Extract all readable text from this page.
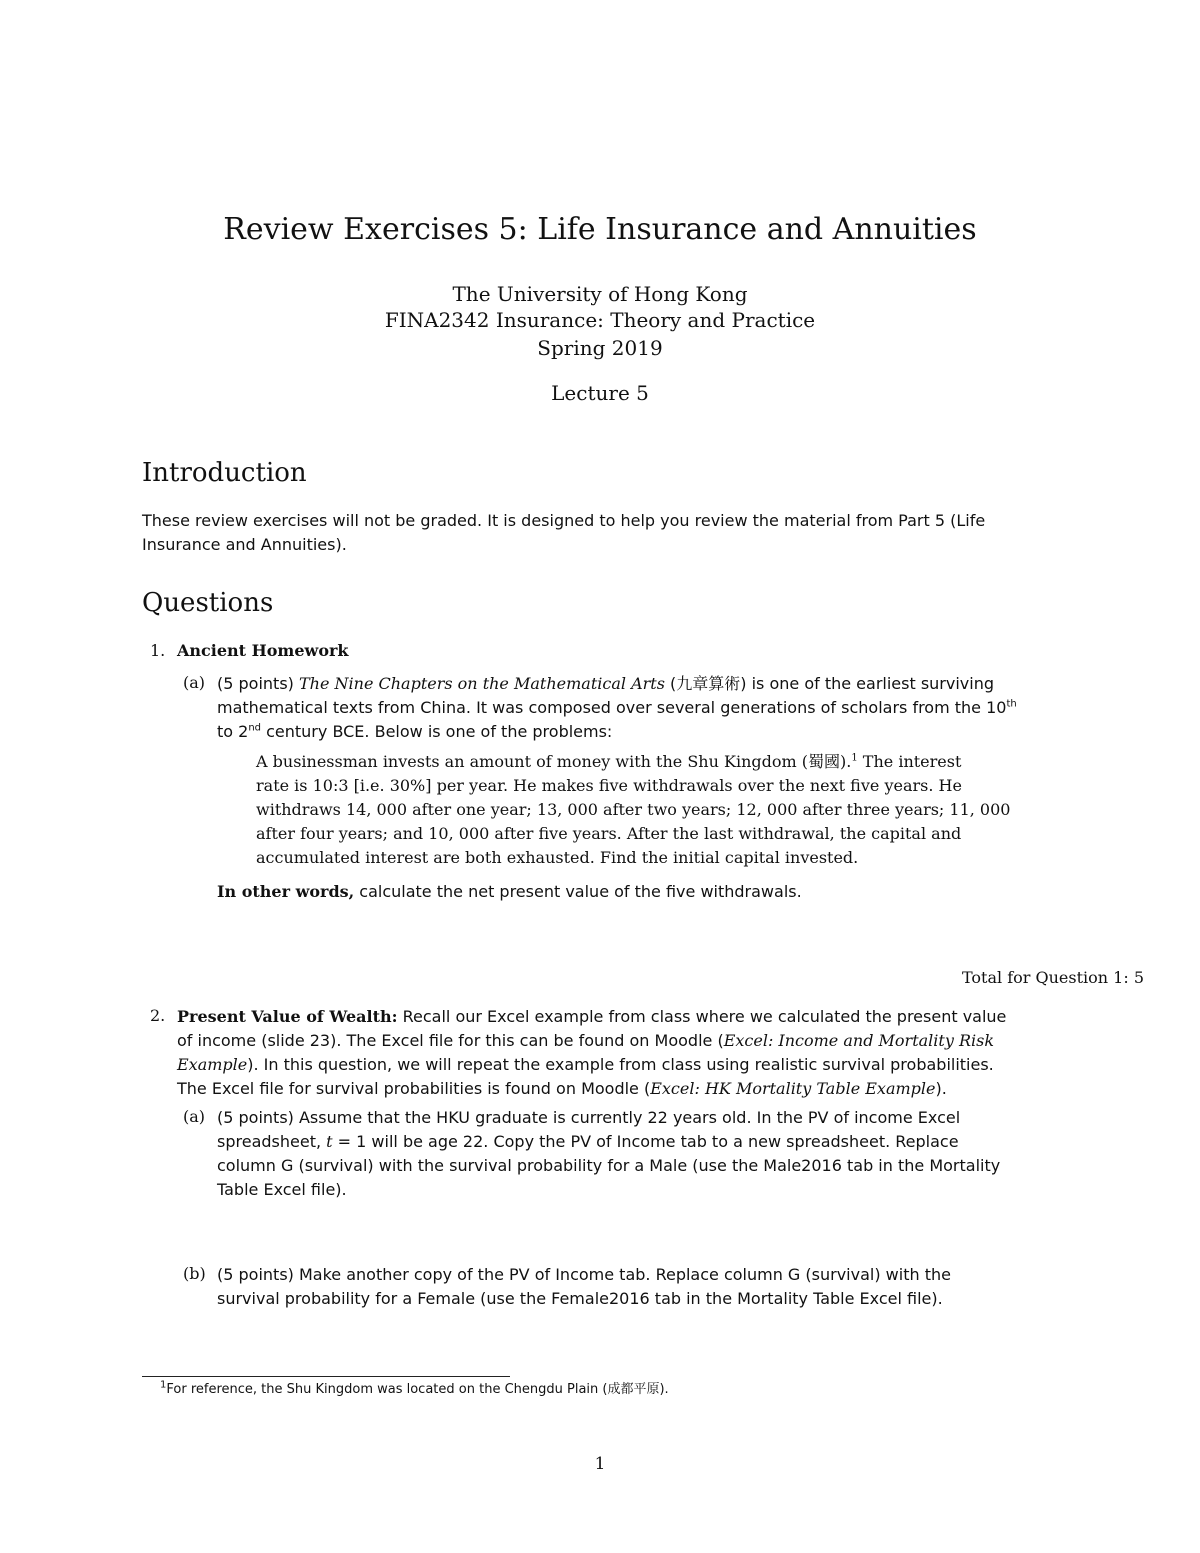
Review Exercises 5: Life Insurance and Annuities
The University of Hong Kong
FINA2342 Insurance: Theory and Practice
Spring 2019
Lecture 5
Introduction
These review exercises will not be graded. It is designed to help you review the material from Part 5 (Life
Insurance and Annuities).
Questions
1. Ancient Homework
(a) (5 points) The Nine Chapters on the Mathematical Arts (九章算術) is one of the earliest surviving
mathematical texts from China. It was composed over several generations of scholars from the 10th
to 2nd century BCE. Below is one of the problems:
A businessman invests an amount of money with the Shu Kingdom (蜀國).$^1$ The interest
rate is 10:3 [i.e. 30%] per year. He makes five withdrawals over the next five years. He
withdraws 14, 000 after one year; 13, 000 after two years; 12, 000 after three years; 11, 000
after four years; and 10, 000 after five years. After the last withdrawal, the capital and
accumulated interest are both exhausted. Find the initial capital invested.
In other words, calculate the net present value of the five withdrawals.
Total for Question 1: 5
2. Present Value of Wealth: Recall our Excel example from class where we calculated the present value
of income (slide 23). The Excel file for this can be found on Moodle (Excel: Income and Mortality Risk
Example). In this question, we will repeat the example from class using realistic survival probabilities.
The Excel file for survival probabilities is found on Moodle (Excel: HK Mortality Table Example).
(a) (5 points) Assume that the HKU graduate is currently 22 years old. In the PV of income Excel
spreadsheet, t = 1 will be age 22. Copy the PV of Income tab to a new spreadsheet. Replace
column G (survival) with the survival probability for a Male (use the Male2016 tab in the Mortality
Table Excel file).
(b) (5 points) Make another copy of the PV of Income tab. Replace column G (survival) with the
survival probability for a Female (use the Female2016 tab in the Mortality Table Excel file).
$^1$For reference, the Shu Kingdom was located on the Chengdu Plain (成都平原).
1
